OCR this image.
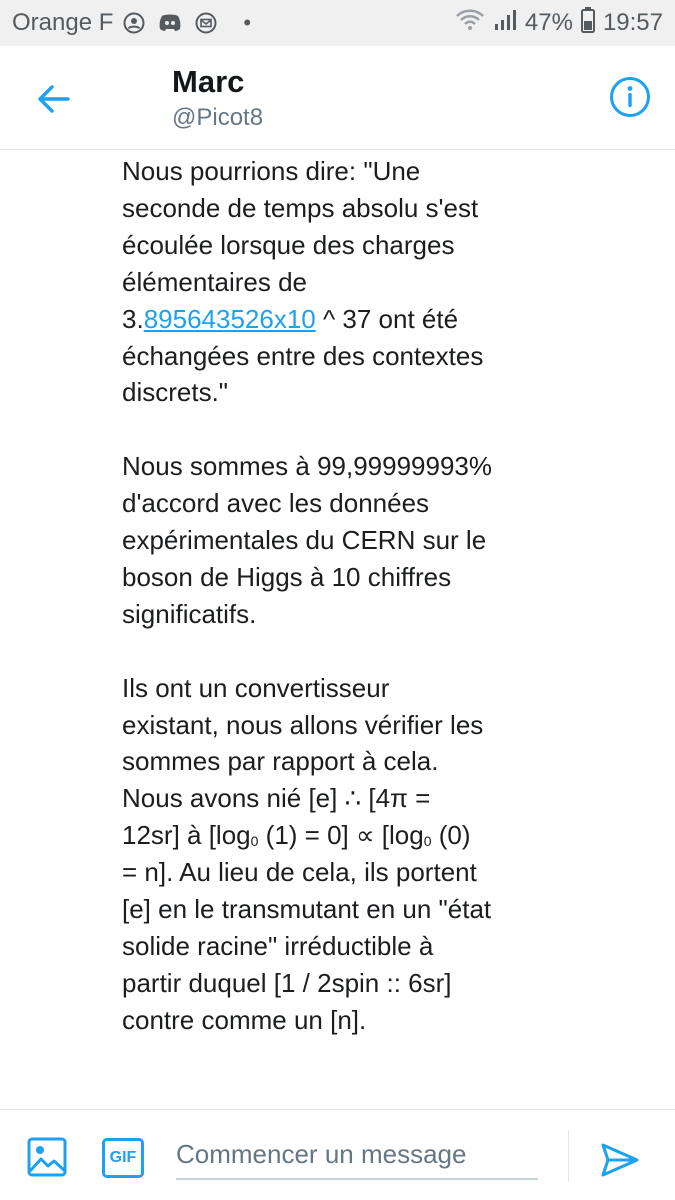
Orange F	•	47% 19:57
Marc
@Picot8

Nous pourrions dire: "Une seconde de temps absolu s'est écoulée lorsque des charges élémentaires de 3.895643526x10 ^ 37 ont été échangées entre des contextes discrets."

Nous sommes à 99,99999993% d'accord avec les données expérimentales du CERN sur le boson de Higgs à 10 chiffres significatifs.

Ils ont un convertisseur existant, nous allons vérifier les sommes par rapport à cela. Nous avons nié [e] ∴ [4π = 12sr] à [$\log_0$ $(1) = 0] \propto [\log_0$ (0) = n]. Au lieu de cela, ils portent [e] en le transmutant en un "état solide racine" irréductible à partir duquel [1 / 2spin :: 6sr] contre comme un [n].

GIF
Commencer un message
